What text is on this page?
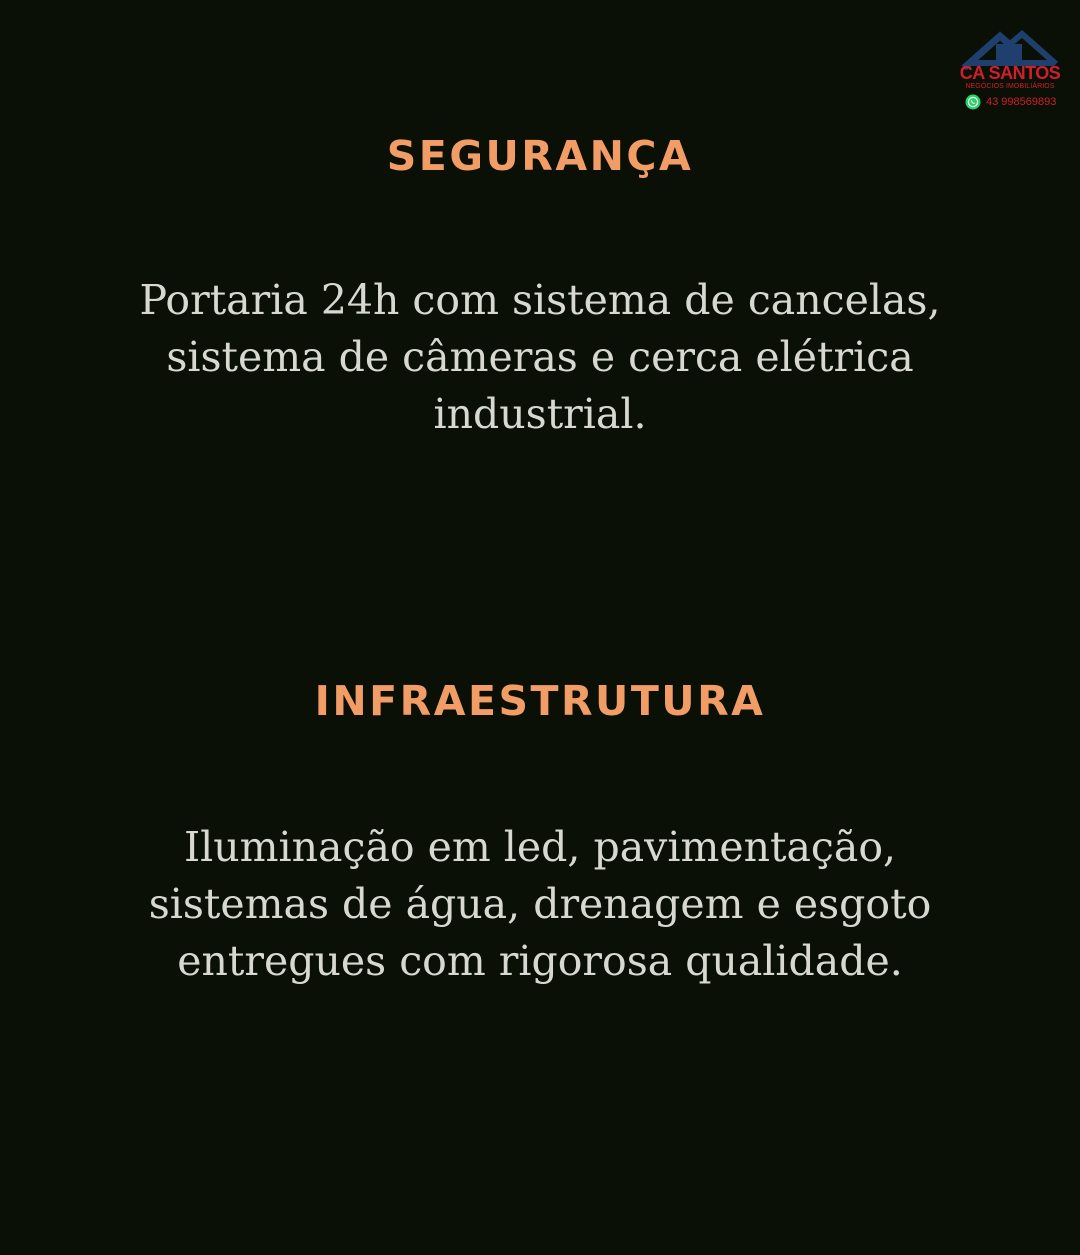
CA SANTOS
NEGÓCIOS IMOBILIÁRIOS
43 998569893
SEGURANÇA

Portaria 24h com sistema de cancelas, sistema de câmeras e cerca elétrica industrial.

INFRAESTRUTURA

Iluminação em led, pavimentação, sistemas de água, drenagem e esgoto entregues com rigorosa qualidade.
